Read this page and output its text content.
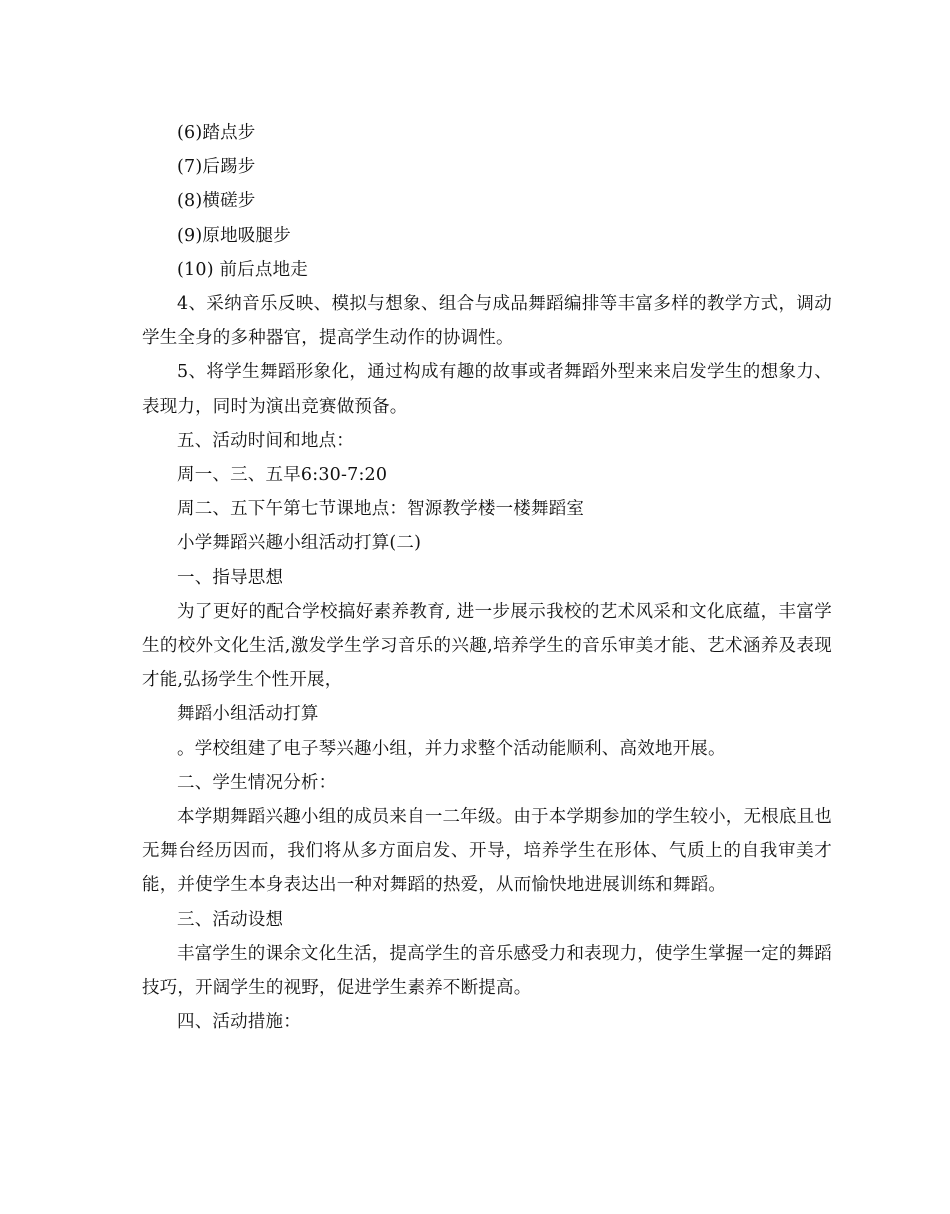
(6)踏点步

(7)后踢步

(8)横磋步

(9)原地吸腿步

(10) 前后点地走

4、采纳音乐反映、模拟与想象、组合与成品舞蹈编排等丰富多样的教学方式，调动学生全身的多种器官，提高学生动作的协调性。

5、将学生舞蹈形象化，通过构成有趣的故事或者舞蹈外型来来启发学生的想象力、表现力，同时为演出竞赛做预备。

五、活动时间和地点：

周一、三、五早6:30-7:20

周二、五下午第七节课地点：智源教学楼一楼舞蹈室

小学舞蹈兴趣小组活动打算(二)

一、指导思想

为了更好的配合学校搞好素养教育, 进一步展示我校的艺术风采和文化底蕴，丰富学生的校外文化生活,激发学生学习音乐的兴趣,培养学生的音乐审美才能、艺术涵养及表现才能,弘扬学生个性开展，

舞蹈小组活动打算

。学校组建了电子琴兴趣小组，并力求整个活动能顺利、高效地开展。

二、学生情况分析：

本学期舞蹈兴趣小组的成员来自一二年级。由于本学期参加的学生较小，无根底且也无舞台经历因而，我们将从多方面启发、开导，培养学生在形体、气质上的自我审美才能，并使学生本身表达出一种对舞蹈的热爱，从而愉快地进展训练和舞蹈。

三、活动设想

丰富学生的课余文化生活，提高学生的音乐感受力和表现力，使学生掌握一定的舞蹈技巧，开阔学生的视野，促进学生素养不断提高。

四、活动措施：
